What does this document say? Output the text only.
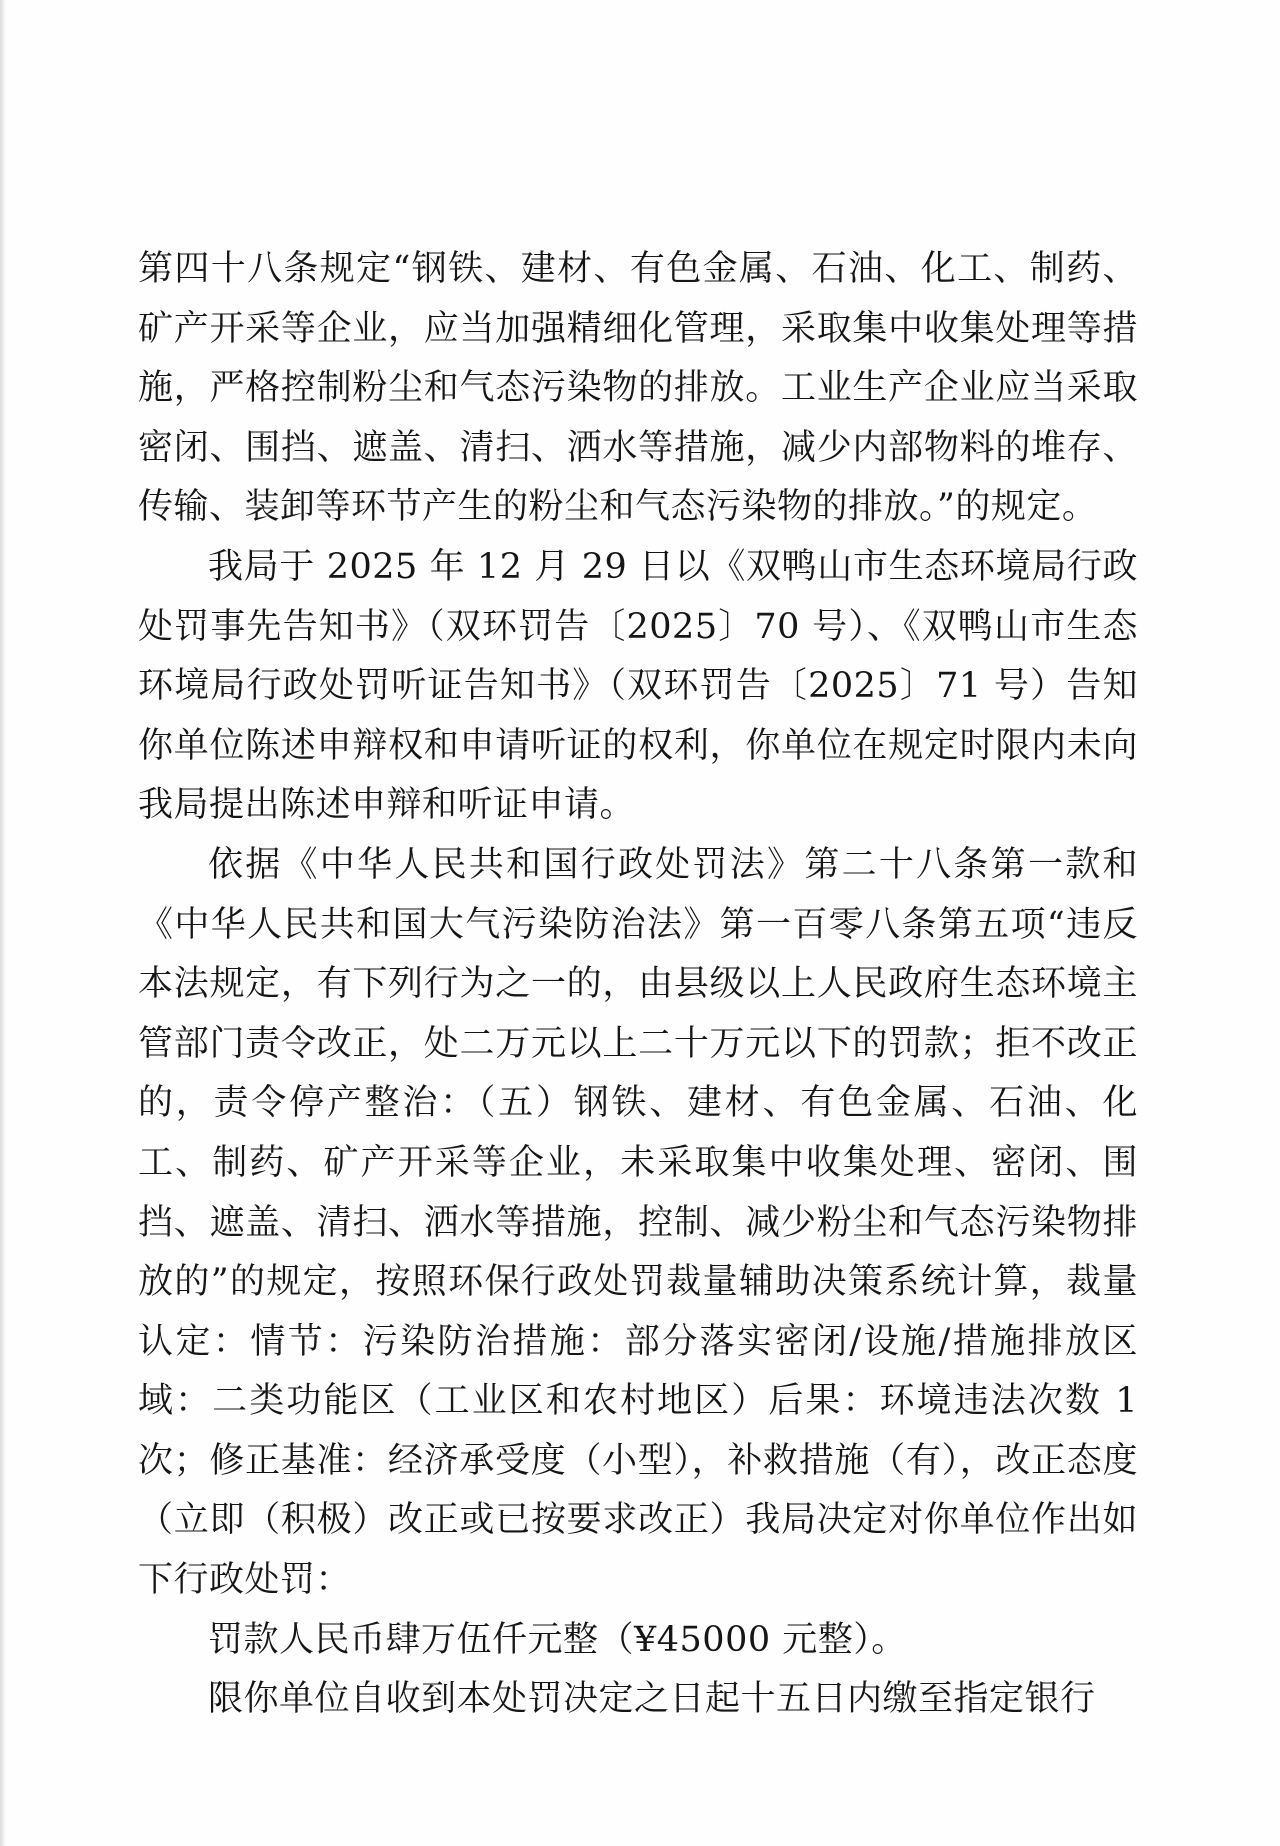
第四十八条规定“钢铁、建材、有色金属、石油、化工、制药、矿产开采等企业，应当加强精细化管理，采取集中收集处理等措施，严格控制粉尘和气态污染物的排放。工业生产企业应当采取密闭、围挡、遮盖、清扫、洒水等措施，减少内部物料的堆存、传输、装卸等环节产生的粉尘和气态污染物的排放。”的规定。

我局于 2025 年 12 月 29 日以《双鸭山市生态环境局行政处罚事先告知书》（双环罚告〔2025〕70 号）、《双鸭山市生态环境局行政处罚听证告知书》（双环罚告〔2025〕71 号）告知你单位陈述申辩权和申请听证的权利，你单位在规定时限内未向我局提出陈述申辩和听证申请。

依据《中华人民共和国行政处罚法》第二十八条第一款和《中华人民共和国大气污染防治法》第一百零八条第五项“违反本法规定，有下列行为之一的，由县级以上人民政府生态环境主管部门责令改正，处二万元以上二十万元以下的罚款；拒不改正的，责令停产整治：（五）钢铁、建材、有色金属、石油、化工、制药、矿产开采等企业，未采取集中收集处理、密闭、围挡、遮盖、清扫、洒水等措施，控制、减少粉尘和气态污染物排放的”的规定，按照环保行政处罚裁量辅助决策系统计算，裁量认定：情节：污染防治措施：部分落实密闭/设施/措施排放区域：二类功能区（工业区和农村地区）后果：环境违法次数 1 次；修正基准：经济承受度（小型），补救措施（有），改正态度（立即（积极）改正或已按要求改正）我局决定对你单位作出如下行政处罚：

罚款人民币肆万伍仟元整（¥45000 元整）。

限你单位自收到本处罚决定之日起十五日内缴至指定银行
